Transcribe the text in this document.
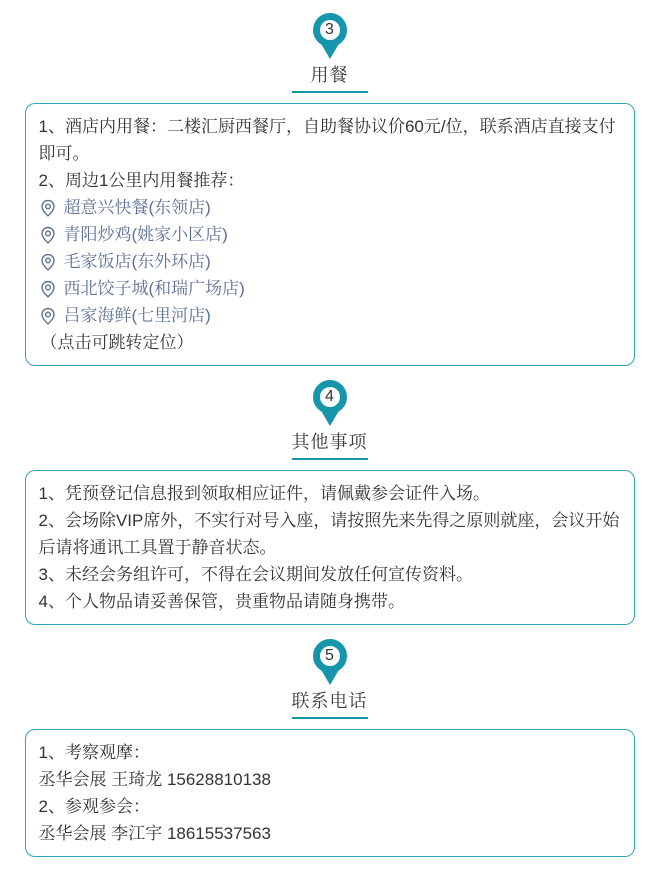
3
用餐

1、酒店内用餐：二楼汇厨西餐厅，自助餐协议价60元/位，联系酒店直接支付即可。

2、周边1公里内用餐推荐：

超意兴快餐(东领店)
青阳炒鸡(姚家小区店)
毛家饭店(东外环店)
西北饺子城(和瑞广场店)
吕家海鲜(七里河店)

（点击可跳转定位）

4
其他事项

1、凭预登记信息报到领取相应证件，请佩戴参会证件入场。

2、会场除VIP席外，不实行对号入座，请按照先来先得之原则就座，会议开始后请将通讯工具置于静音状态。

3、未经会务组许可，不得在会议期间发放任何宣传资料。

4、个人物品请妥善保管，贵重物品请随身携带。

5
联系电话

1、考察观摩：

丞华会展 王琦龙 15628810138

2、参观参会：

丞华会展 李江宇 18615537563
